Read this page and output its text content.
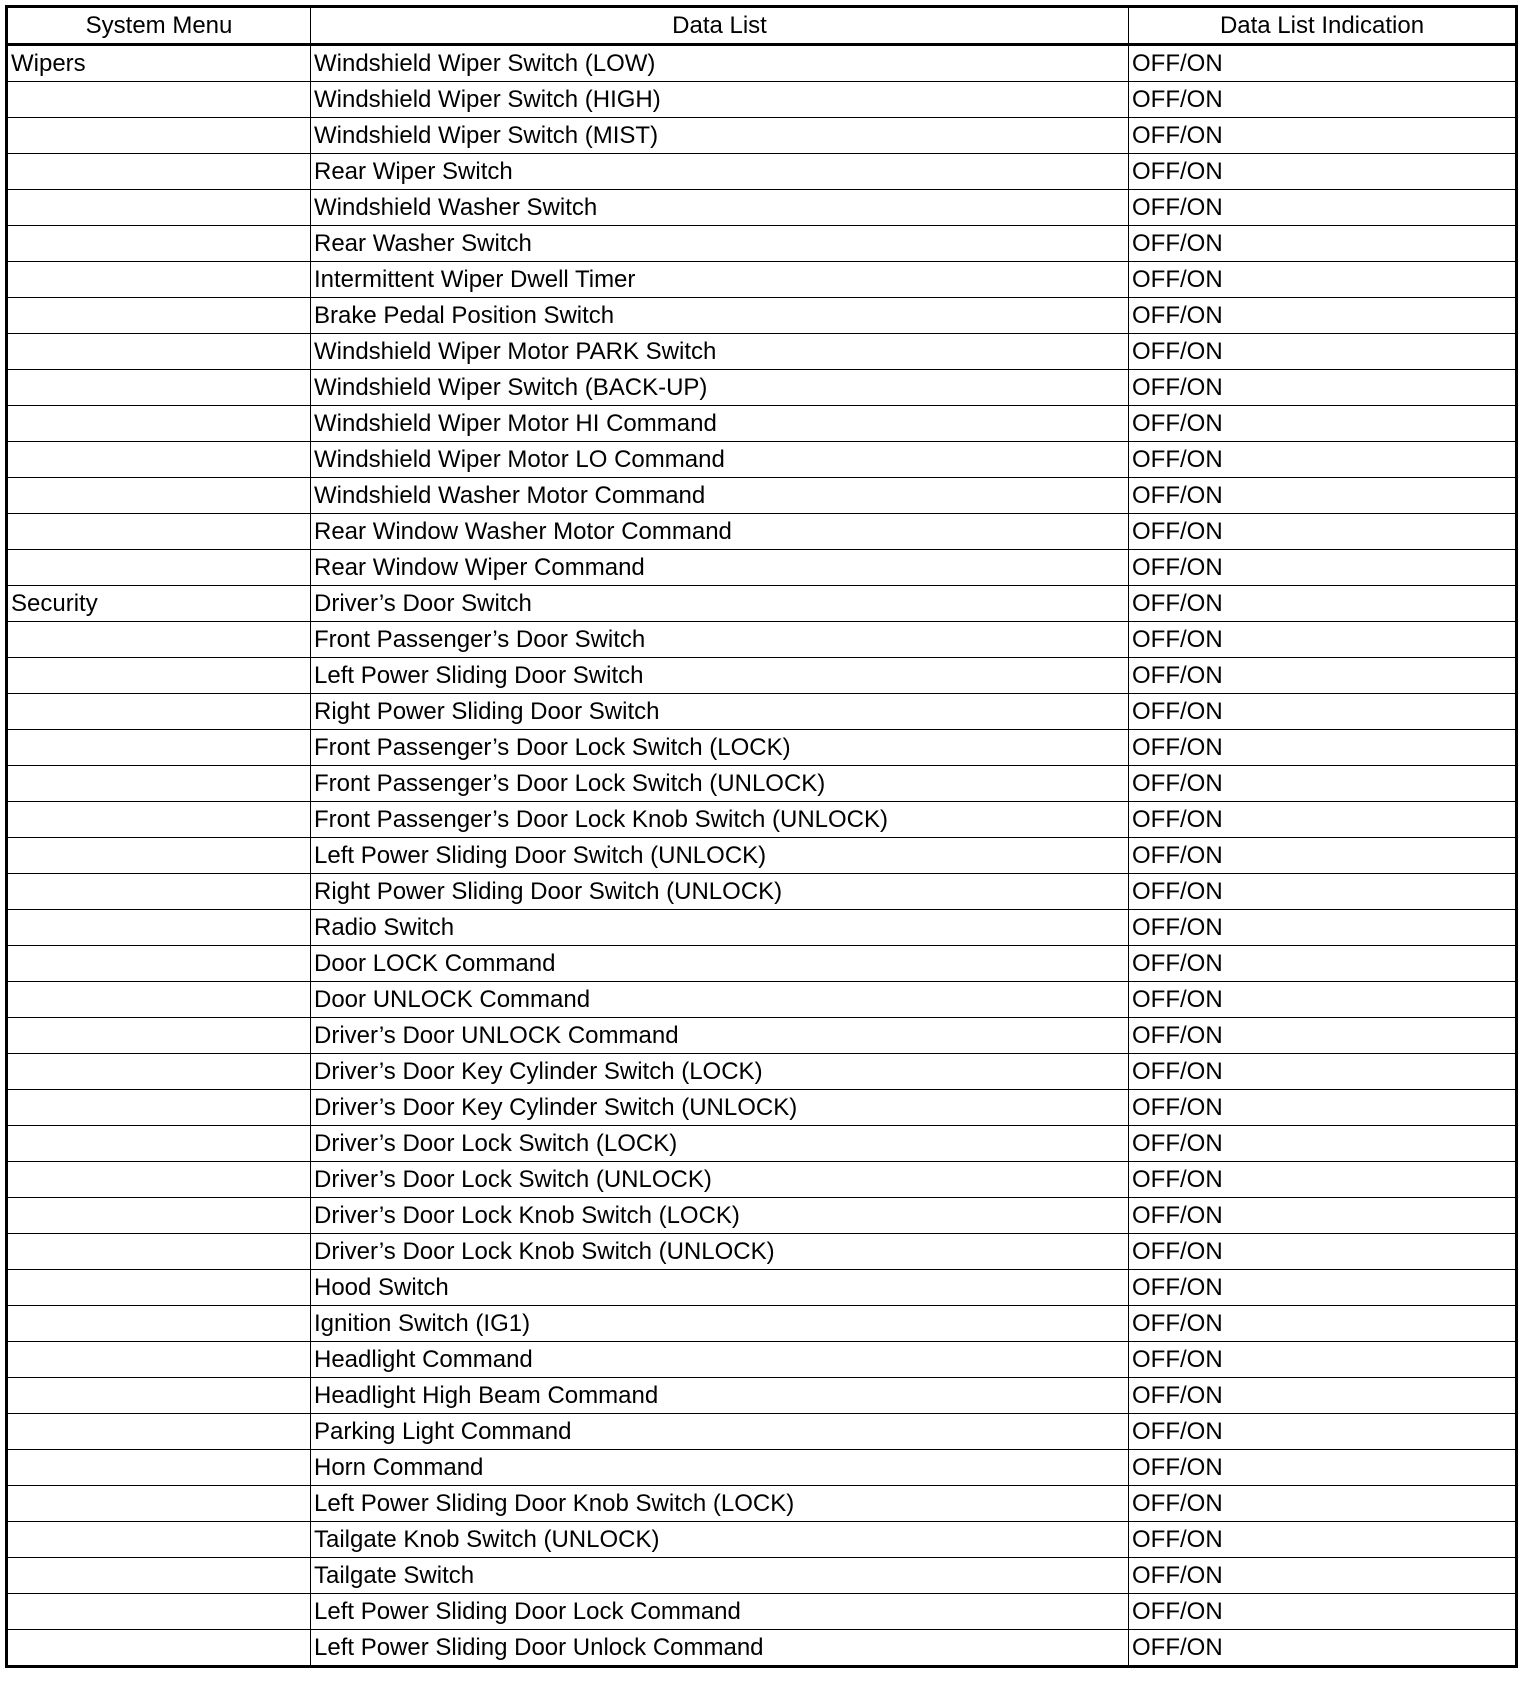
System Menu	Data List	Data List Indication
Wipers	Windshield Wiper Switch (LOW)	OFF/ON
	Windshield Wiper Switch (HIGH)	OFF/ON
	Windshield Wiper Switch (MIST)	OFF/ON
	Rear Wiper Switch	OFF/ON
	Windshield Washer Switch	OFF/ON
	Rear Washer Switch	OFF/ON
	Intermittent Wiper Dwell Timer	OFF/ON
	Brake Pedal Position Switch	OFF/ON
	Windshield Wiper Motor PARK Switch	OFF/ON
	Windshield Wiper Switch (BACK-UP)	OFF/ON
	Windshield Wiper Motor HI Command	OFF/ON
	Windshield Wiper Motor LO Command	OFF/ON
	Windshield Washer Motor Command	OFF/ON
	Rear Window Washer Motor Command	OFF/ON
	Rear Window Wiper Command	OFF/ON
Security	Driver’s Door Switch	OFF/ON
	Front Passenger’s Door Switch	OFF/ON
	Left Power Sliding Door Switch	OFF/ON
	Right Power Sliding Door Switch	OFF/ON
	Front Passenger’s Door Lock Switch (LOCK)	OFF/ON
	Front Passenger’s Door Lock Switch (UNLOCK)	OFF/ON
	Front Passenger’s Door Lock Knob Switch (UNLOCK)	OFF/ON
	Left Power Sliding Door Switch (UNLOCK)	OFF/ON
	Right Power Sliding Door Switch (UNLOCK)	OFF/ON
	Radio Switch	OFF/ON
	Door LOCK Command	OFF/ON
	Door UNLOCK Command	OFF/ON
	Driver’s Door UNLOCK Command	OFF/ON
	Driver’s Door Key Cylinder Switch (LOCK)	OFF/ON
	Driver’s Door Key Cylinder Switch (UNLOCK)	OFF/ON
	Driver’s Door Lock Switch (LOCK)	OFF/ON
	Driver’s Door Lock Switch (UNLOCK)	OFF/ON
	Driver’s Door Lock Knob Switch (LOCK)	OFF/ON
	Driver’s Door Lock Knob Switch (UNLOCK)	OFF/ON
	Hood Switch	OFF/ON
	Ignition Switch (IG1)	OFF/ON
	Headlight Command	OFF/ON
	Headlight High Beam Command	OFF/ON
	Parking Light Command	OFF/ON
	Horn Command	OFF/ON
	Left Power Sliding Door Knob Switch (LOCK)	OFF/ON
	Tailgate Knob Switch (UNLOCK)	OFF/ON
	Tailgate Switch	OFF/ON
	Left Power Sliding Door Lock Command	OFF/ON
	Left Power Sliding Door Unlock Command	OFF/ON
